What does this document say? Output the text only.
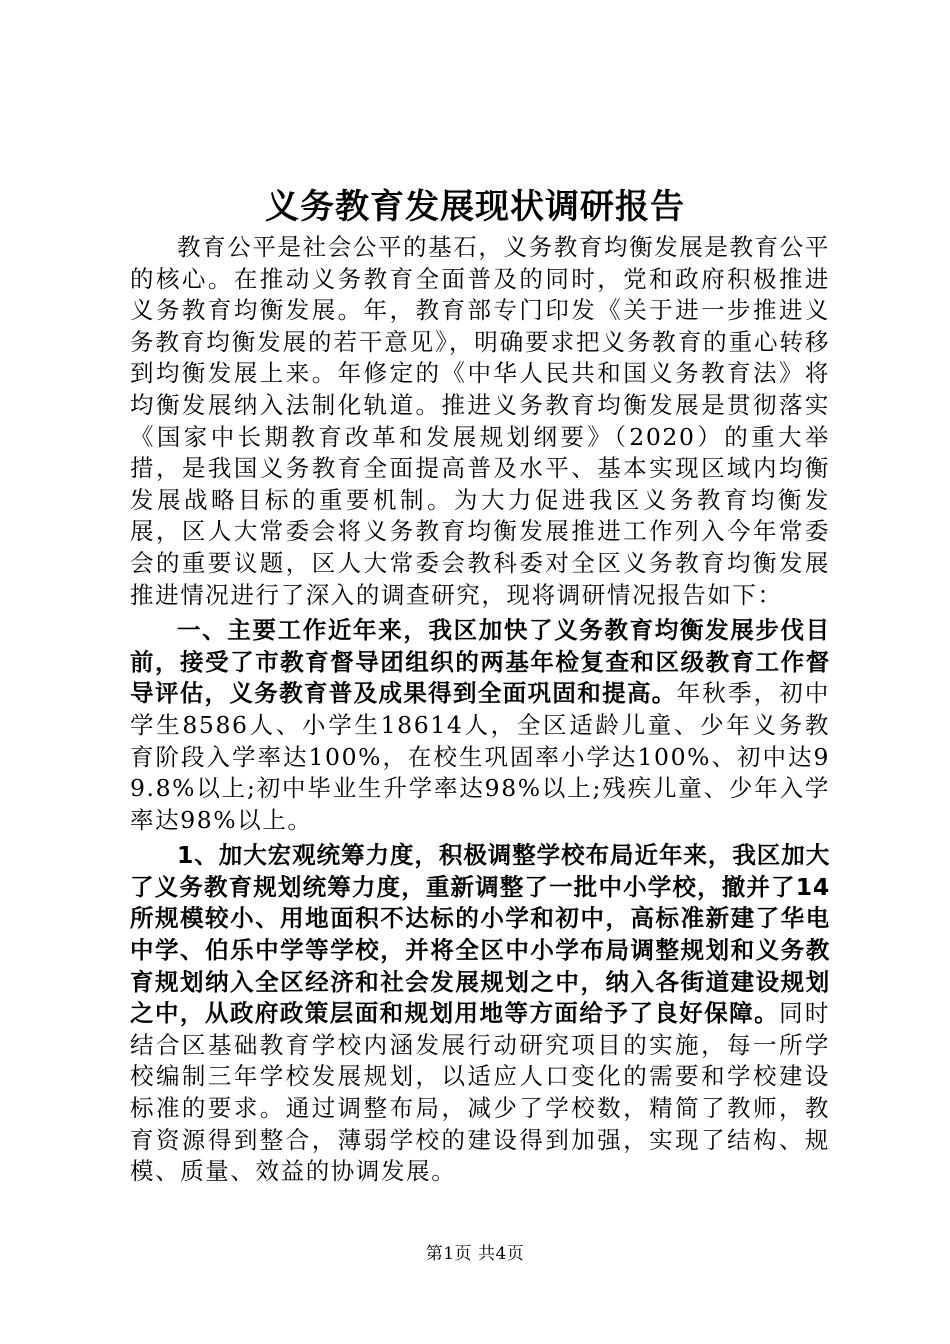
义务教育发展现状调研报告

教育公平是社会公平的基石，义务教育均衡发展是教育公平的核心。在推动义务教育全面普及的同时，党和政府积极推进义务教育均衡发展。年，教育部专门印发《关于进一步推进义务教育均衡发展的若干意见》，明确要求把义务教育的重心转移到均衡发展上来。年修定的《中华人民共和国义务教育法》将均衡发展纳入法制化轨道。推进义务教育均衡发展是贯彻落实《国家中长期教育改革和发展规划纲要》（2020）的重大举措，是我国义务教育全面提高普及水平、基本实现区域内均衡发展战略目标的重要机制。为大力促进我区义务教育均衡发展，区人大常委会将义务教育均衡发展推进工作列入今年常委会的重要议题，区人大常委会教科委对全区义务教育均衡发展推进情况进行了深入的调查研究，现将调研情况报告如下：

一、主要工作近年来，我区加快了义务教育均衡发展步伐目前，接受了市教育督导团组织的两基年检复查和区级教育工作督导评估，义务教育普及成果得到全面巩固和提高。年秋季，初中学生8586人、小学生18614人，全区适龄儿童、少年义务教育阶段入学率达100%，在校生巩固率小学达100%、初中达99.8%以上;初中毕业生升学率达98%以上;残疾儿童、少年入学率达98%以上。

1、加大宏观统筹力度，积极调整学校布局近年来，我区加大了义务教育规划统筹力度，重新调整了一批中小学校，撤并了14所规模较小、用地面积不达标的小学和初中，高标准新建了华电中学、伯乐中学等学校，并将全区中小学布局调整规划和义务教育规划纳入全区经济和社会发展规划之中，纳入各街道建设规划之中，从政府政策层面和规划用地等方面给予了良好保障。同时结合区基础教育学校内涵发展行动研究项目的实施，每一所学校编制三年学校发展规划，以适应人口变化的需要和学校建设标准的要求。通过调整布局，减少了学校数，精简了教师，教育资源得到整合，薄弱学校的建设得到加强，实现了结构、规模、质量、效益的协调发展。

第1页 共4页
